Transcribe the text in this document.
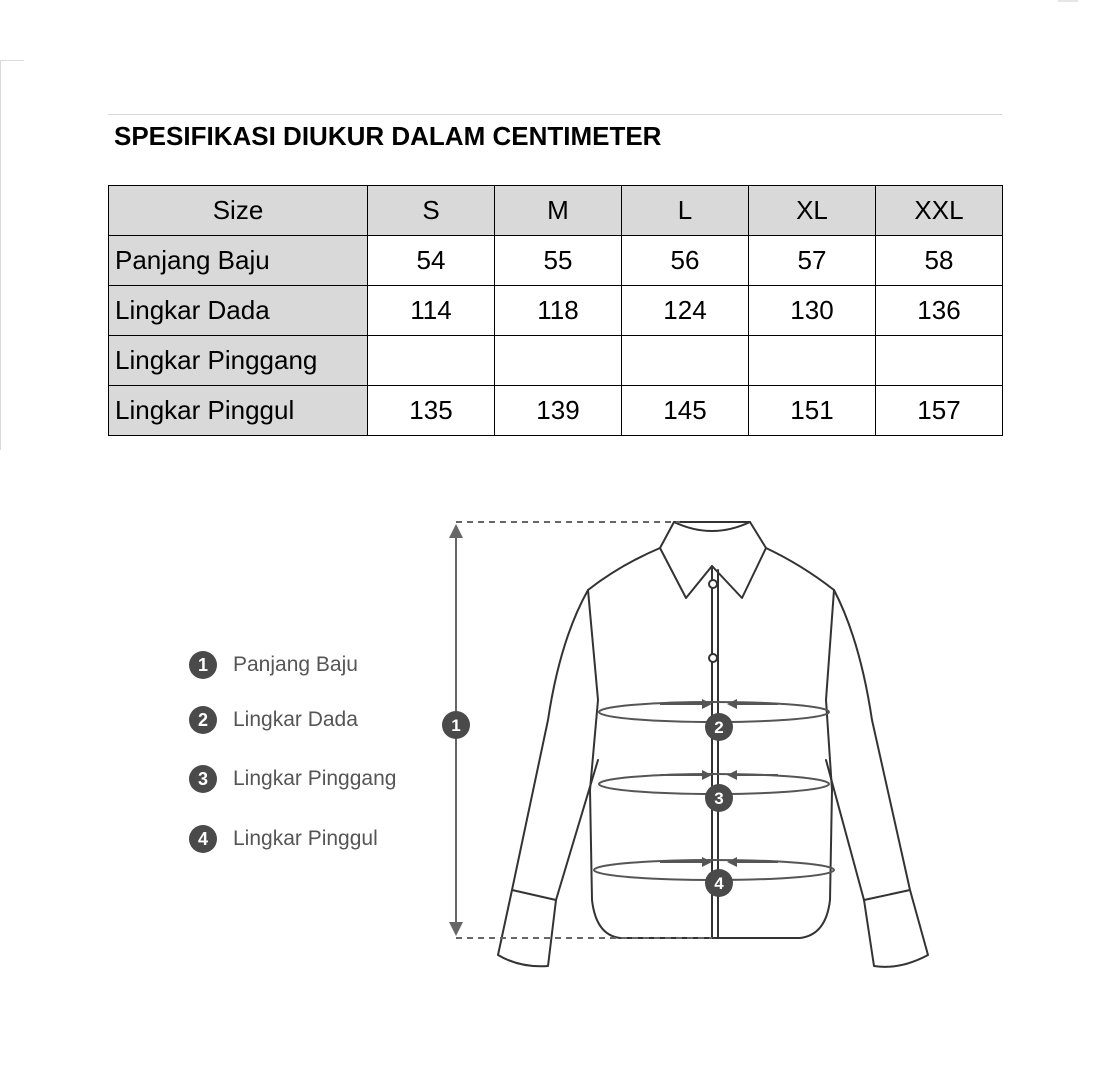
SPESIFIKASI DIUKUR DALAM CENTIMETER
Size	S	M	L	XL	XXL
Panjang Baju	54	55	56	57	58
Lingkar Dada	114	118	124	130	136
Lingkar Pinggang					
Lingkar Pinggul	135	139	145	151	157
1	Panjang Baju
2	Lingkar Dada
3	Lingkar Pinggang
4	Lingkar Pinggul
1	2
3
4
